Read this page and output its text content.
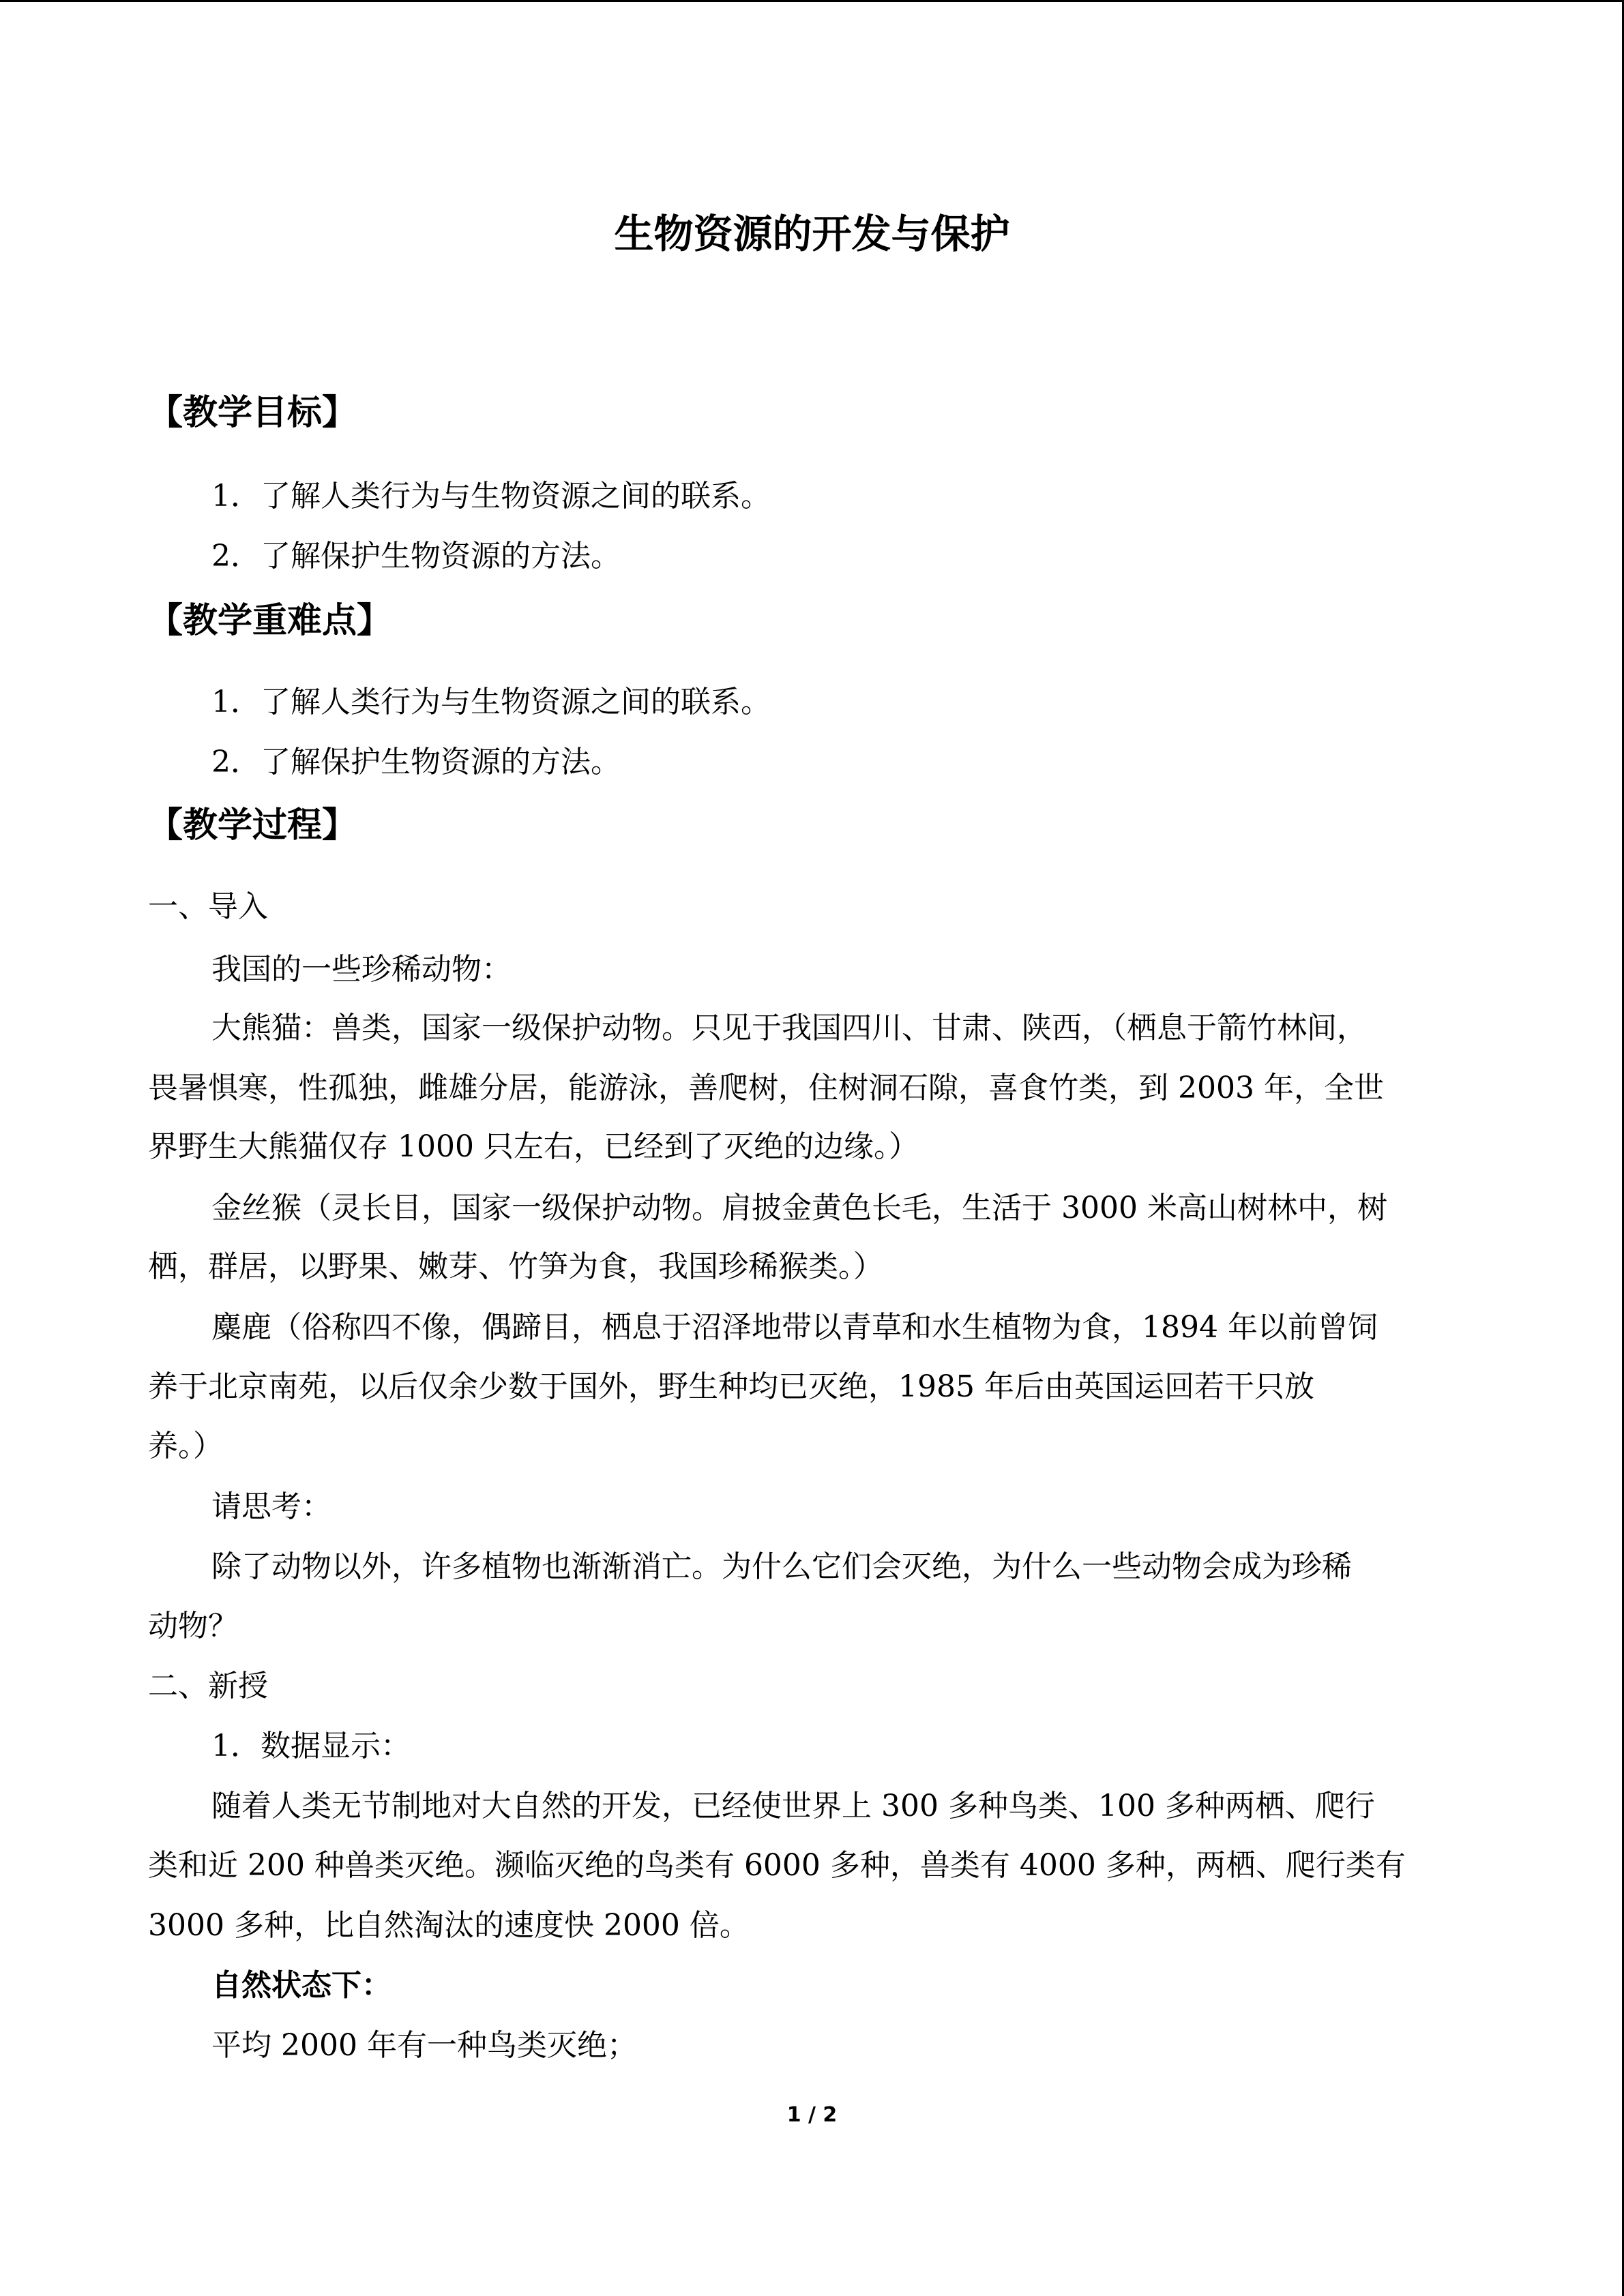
生物资源的开发与保护
【教学目标】
1．了解人类行为与生物资源之间的联系。
2．了解保护生物资源的方法。
【教学重难点】
1．了解人类行为与生物资源之间的联系。
2．了解保护生物资源的方法。
【教学过程】
一、导入
我国的一些珍稀动物：
大熊猫：兽类，国家一级保护动物。只见于我国四川、甘肃、陕西，（栖息于箭竹林间，
畏暑惧寒，性孤独，雌雄分居，能游泳，善爬树，住树洞石隙，喜食竹类，到 2003 年，全世
界野生大熊猫仅存 1000 只左右，已经到了灭绝的边缘。）
金丝猴（灵长目，国家一级保护动物。肩披金黄色长毛，生活于 3000 米高山树林中，树
栖，群居，以野果、嫩芽、竹笋为食，我国珍稀猴类。）
麋鹿（俗称四不像，偶蹄目，栖息于沼泽地带以青草和水生植物为食，1894 年以前曾饲
养于北京南苑，以后仅余少数于国外，野生种均已灭绝，1985 年后由英国运回若干只放
养。）
请思考：
除了动物以外，许多植物也渐渐消亡。为什么它们会灭绝，为什么一些动物会成为珍稀
动物？
二、新授
1．数据显示：
随着人类无节制地对大自然的开发，已经使世界上 300 多种鸟类、100 多种两栖、爬行
类和近 200 种兽类灭绝。濒临灭绝的鸟类有 6000 多种，兽类有 4000 多种，两栖、爬行类有
3000 多种，比自然淘汰的速度快 2000 倍。
自然状态下：
平均 2000 年有一种鸟类灭绝；
1 / 2
